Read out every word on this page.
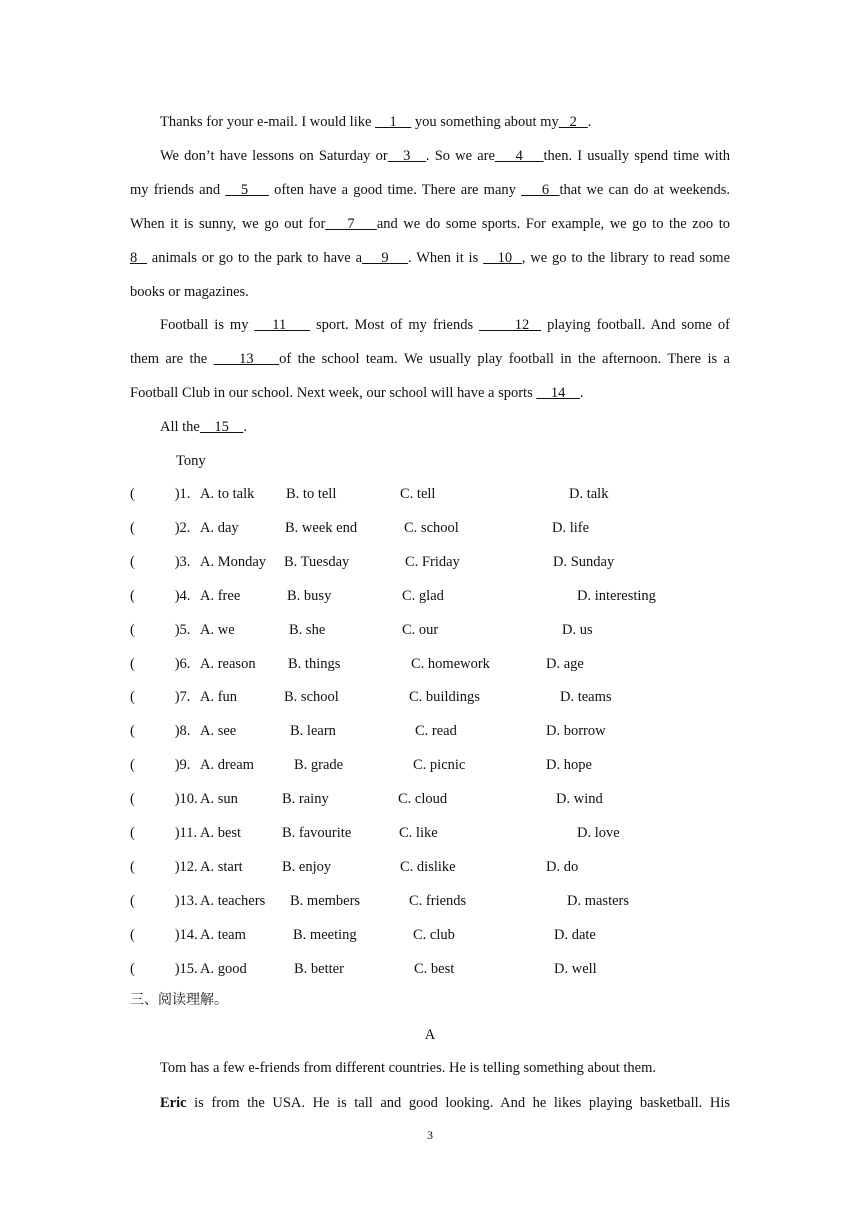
Thanks for your e-mail. I would like     1     you something about my   2   .
We don’t have lessons on Saturday or   3   . So we are    4    then. I usually spend time with
my friends and    5     often have a good time. There are many     6  that we can do at weekends.
When it is sunny, we go out for    7    and we do some sports. For example, we go to the zoo to
8   animals or go to the park to have a    9    . When it is    10  , we go to the library to read some
books or magazines.
Football is my    11     sport. Most of my friends       12   playing football. And some of
them are the     13    of the school team. We usually play football in the afternoon. There is a
Football Club in our school. Next week, our school will have a sports     14    .
All the    15    .
Tony
(           )1. A. to talk B. to tell	C. tell	D. talk
(           )2. A. day	B. week end	C. school	D. life
(           )3. A. Monday B. Tuesday	C. Friday	D. Sunday
(           )4. A. free	B. busy	C. glad	D. interesting
(           )5. A. we	B. she	C. our	D. us
(           )6. A. reason B. things	C. homework	D. age
(           )7. A. fun	B. school	C. buildings	D. teams
(           )8. A. see	B. learn	C. read	D. borrow
(           )9. A. dream	B. grade	C. picnic	D. hope
(           )10. A. sun	B. rainy	C. cloud	D. wind
(           )11. A. best	B. favourite	C. like	D. love
(           )12. A. start	B. enjoy	C. dislike	D. do
(           )13. A. teachers B. members	C. friends	D. masters
(           )14. A. team	B. meeting	C. club	D. date
(           )15. A. good	B. better	C. best	D. well
三、阅读理解。
A
Tom has a few e-friends from different countries. He is telling something about them.
Eric is from the USA. He is tall and good looking. And he likes playing basketball. His
3
